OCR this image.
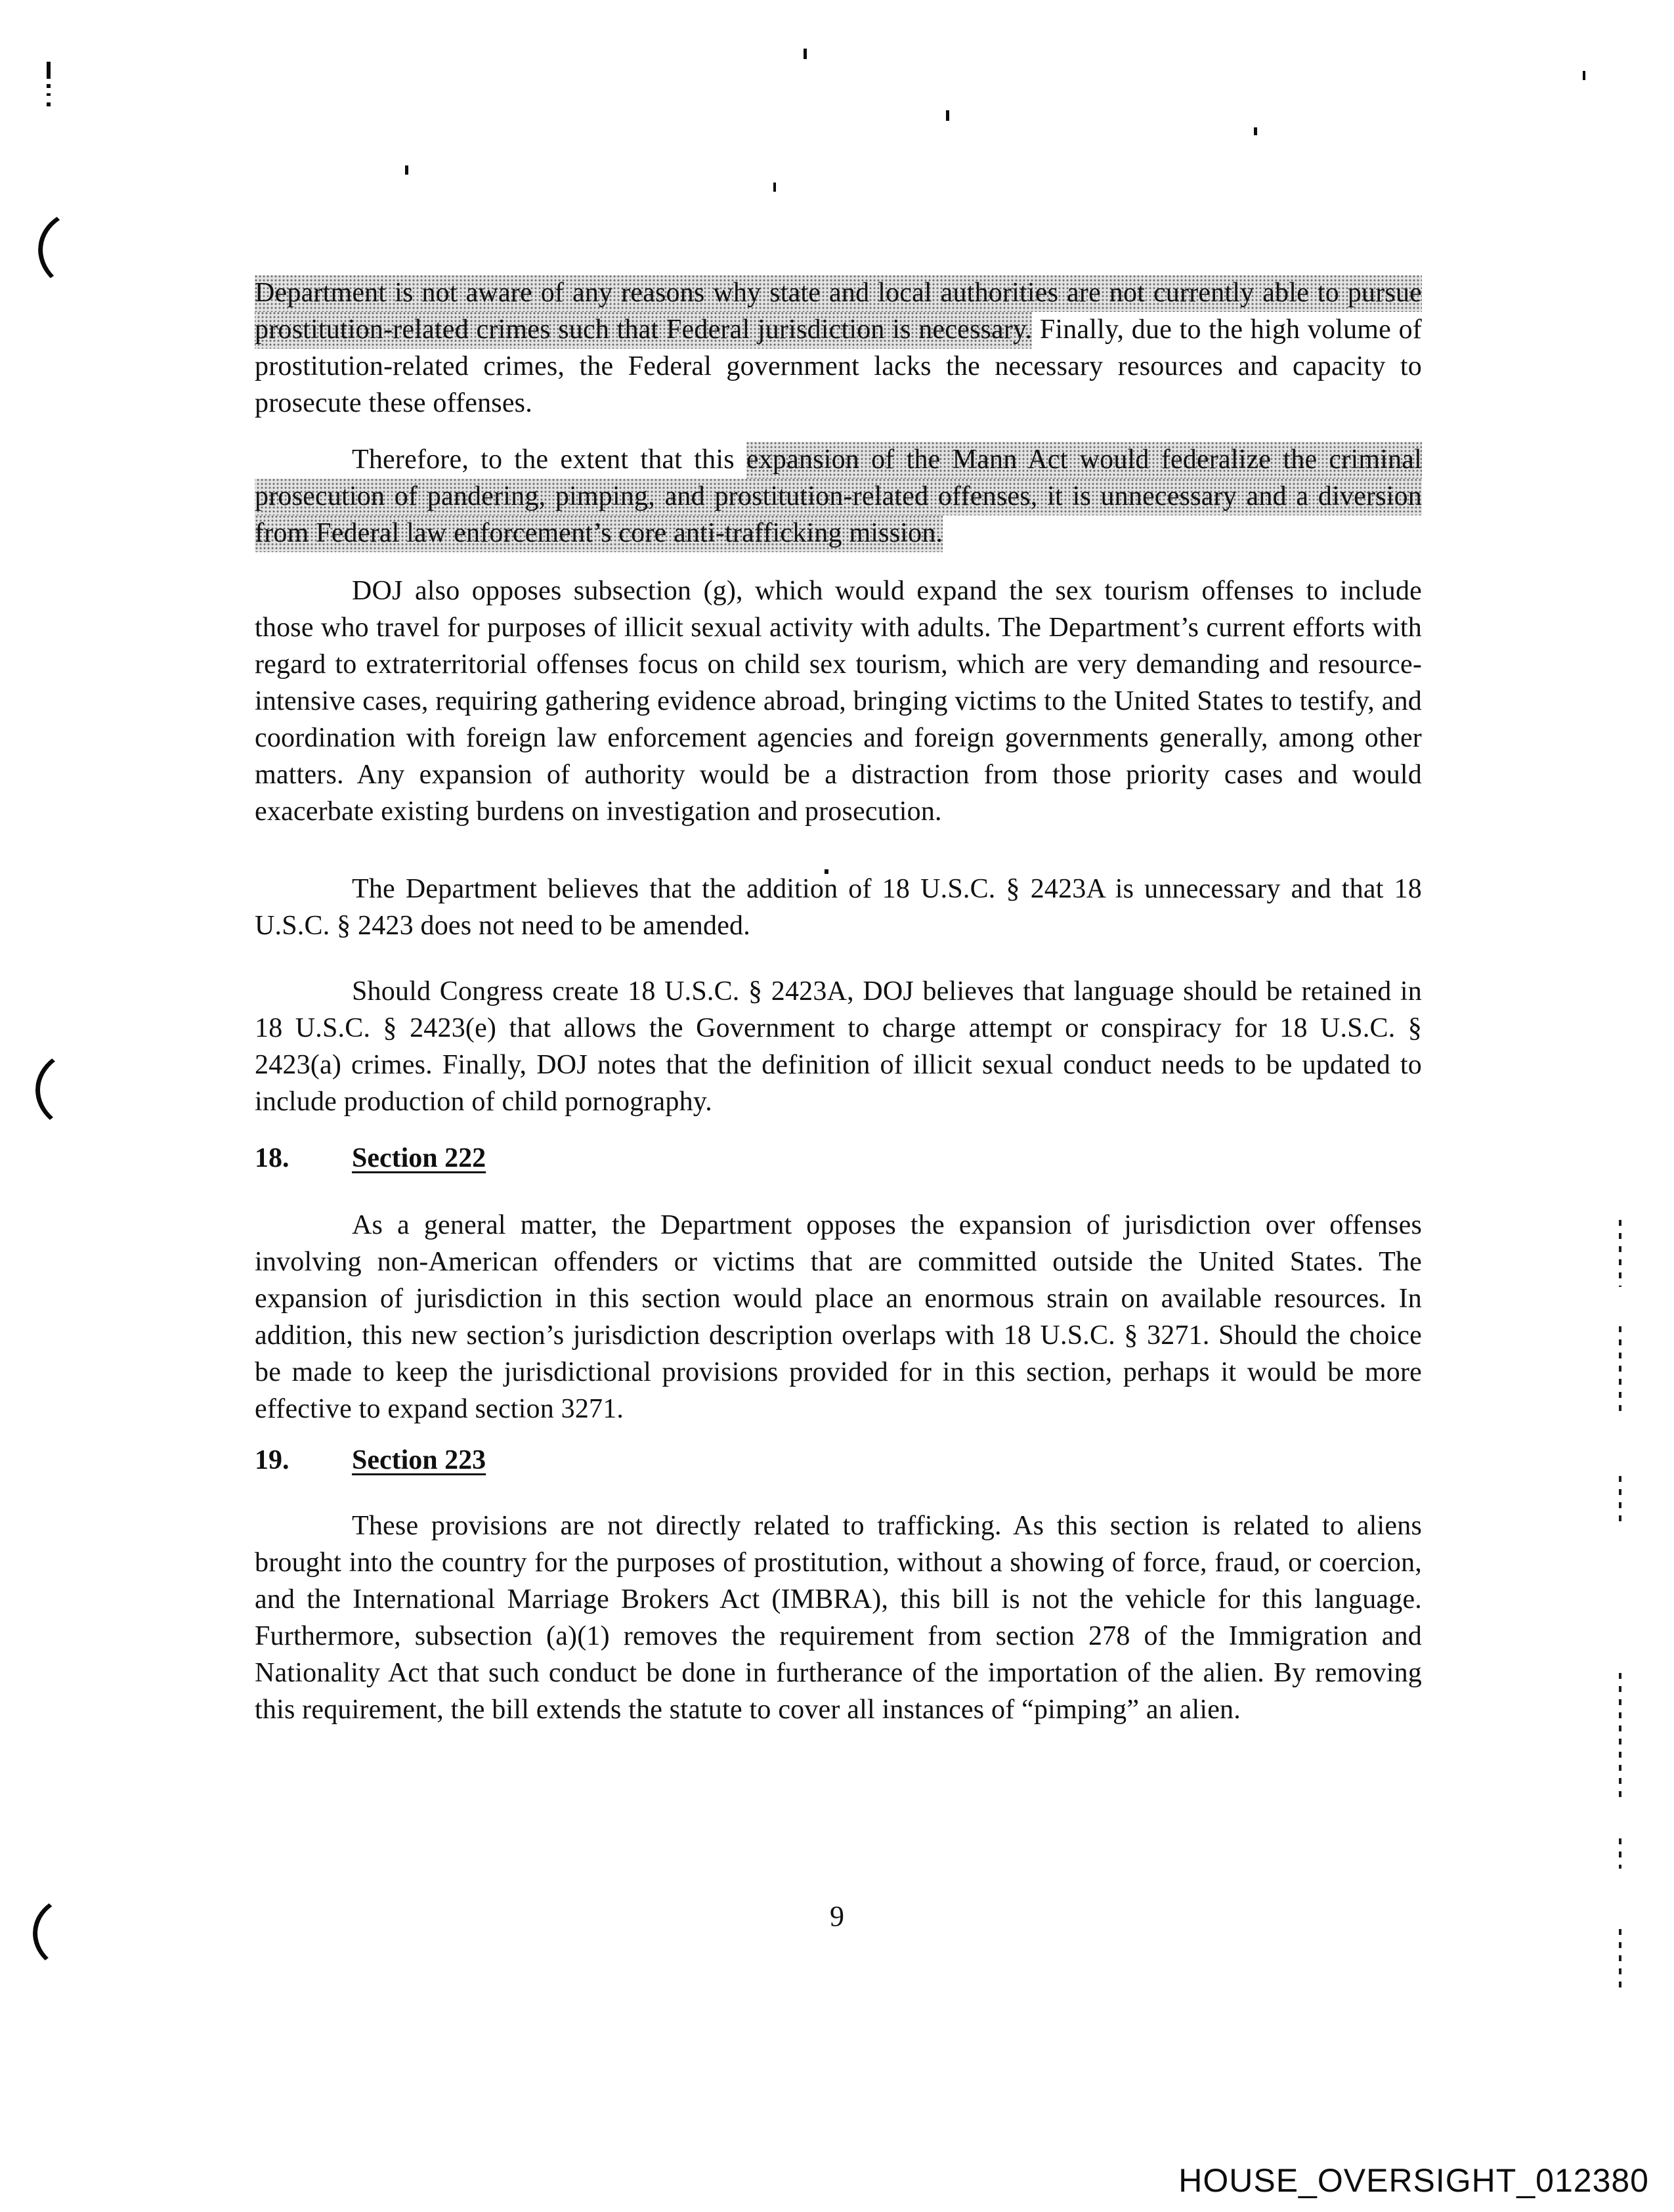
Department is not aware of any reasons why state and local authorities are not currently able to pursue prostitution-related crimes such that Federal jurisdiction is necessary. Finally, due to the high volume of prostitution-related crimes, the Federal government lacks the necessary resources and capacity to prosecute these offenses.
Therefore, to the extent that this expansion of the Mann Act would federalize the criminal prosecution of pandering, pimping, and prostitution-related offenses, it is unnecessary and a diversion from Federal law enforcement’s core anti-trafficking mission.
DOJ also opposes subsection (g), which would expand the sex tourism offenses to include those who travel for purposes of illicit sexual activity with adults. The Department’s current efforts with regard to extraterritorial offenses focus on child sex tourism, which are very demanding and resource-intensive cases, requiring gathering evidence abroad, bringing victims to the United States to testify, and coordination with foreign law enforcement agencies and foreign governments generally, among other matters. Any expansion of authority would be a distraction from those priority cases and would exacerbate existing burdens on investigation and prosecution.
The Department believes that the addition of 18 U.S.C. § 2423A is unnecessary and that 18 U.S.C. § 2423 does not need to be amended.
Should Congress create 18 U.S.C. § 2423A, DOJ believes that language should be retained in 18 U.S.C. § 2423(e) that allows the Government to charge attempt or conspiracy for 18 U.S.C. § 2423(a) crimes. Finally, DOJ notes that the definition of illicit sexual conduct needs to be updated to include production of child pornography.
18. Section 222
As a general matter, the Department opposes the expansion of jurisdiction over offenses involving non-American offenders or victims that are committed outside the United States. The expansion of jurisdiction in this section would place an enormous strain on available resources. In addition, this new section’s jurisdiction description overlaps with 18 U.S.C. § 3271. Should the choice be made to keep the jurisdictional provisions provided for in this section, perhaps it would be more effective to expand section 3271.
19. Section 223
These provisions are not directly related to trafficking. As this section is related to aliens brought into the country for the purposes of prostitution, without a showing of force, fraud, or coercion, and the International Marriage Brokers Act (IMBRA), this bill is not the vehicle for this language. Furthermore, subsection (a)(1) removes the requirement from section 278 of the Immigration and Nationality Act that such conduct be done in furtherance of the importation of the alien. By removing this requirement, the bill extends the statute to cover all instances of “pimping” an alien.
9
HOUSE_OVERSIGHT_012380
